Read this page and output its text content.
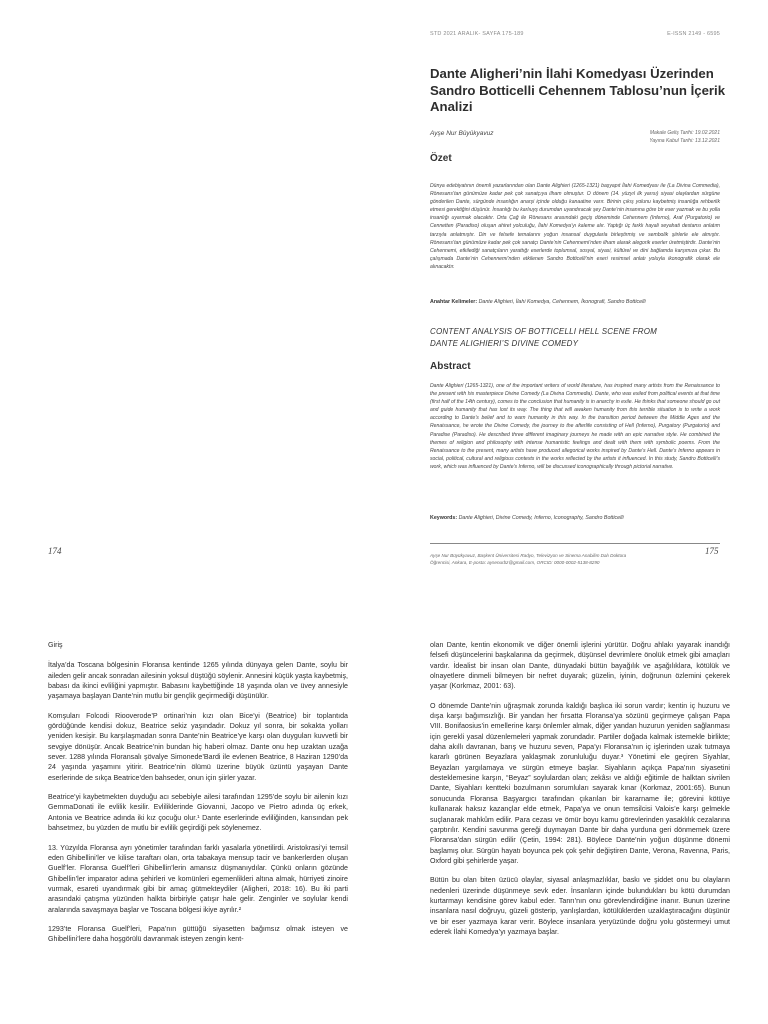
STD 2021 ARALIK- SAYFA 175-189	E-ISSN 2149 - 6595
Dante Aligheri’nin İlahi Komedyası Üzerinden Sandro Botticelli Cehennem Tablosu’nun İçerik Analizi
Ayşe Nur Büyükyavuz	Makale Geliş Tarihi: 19.02.2021
Yayına Kabul Tarihi: 13.12.2021
Özet
Dünya edebiyatının önemli yazarlarından olan Dante Alighieri (1265-1321) başyapıt İlahi Komedyası ile (La Divina Commedia), Rönesans’tan günümüze kadar pek çok sanatçıya ilham olmuştur. O dönem (14. yüzyıl ilk yarısı) siyasi olaylardan sürgüne gönderilen Dante, sürgünde insanlığın anarşi içinde olduğu kanaatine varır. Birinin çıkış yolunu kaybetmiş insanlığa rehberlik etmesi gerektiğini düşünür. İnsanlığı bu karlıuyş durumdan uyandıracak şey Dante’nin insanına göre bir eser yazmak ve bu yolla insanlığı uyarmak olacaktır. Orta Çağ ile Rönesans arasındaki geçiş döneminde Cehennem (Inferno), Araf (Purgatorio) ve Cennetten (Paradiso) oluşan ahiret yolculuğu, İlahi Komedya’yı kaleme alır. Yaptığı üç farklı hayali seyahati destansı anlatım tarzıyla anlatmıştır. Din ve felsefe temalarını yoğun insansal duygularla birleştirmiş ve sembolik şiirlerle ele almıştır. Rönesans’tan günümüze kadar pek çok sanatçı Dante’nin Cehennemi’nden ilham alarak alegorik eserler üretmiştirdir. Dante’nin Cehennemi, etkilediği sanatçıların yarattığı eserlerde toplumsal, sosyal, siyasi, kültürel ve dini bağlamda karşımıza çıkar. Bu çalışmada Dante’nin Cehennemi’nden etkilenen Sandro Botticelli’nin eseri resimsel anlatı yoluyla ikonografik olarak ele alınacaktır.
Anahtar Kelimeler: Dante Alighieri, İlahi Komedya, Cehennem, İkonografi, Sandro Botticelli
CONTENT ANALYSIS OF BOTTICELLI HELL SCENE FROM
DANTE ALIGHIERI’S DIVINE COMEDY
Abstract
Dante Alighieri (1265-1321), one of the important writers of world literature, has inspired many artists from the Renaissance to the present with his masterpiece Divine Comedy (La Divina Commedia). Dante, who was exiled from political events at that time (first half of the 14th century), comes to the conclusion that humanity is in anarchy in exile. He thinks that someone should go out and guide humanity that has lost its way. The thing that will awaken humanity from this terrible situation is to write a work according to Dante’s belief and to warn humanity in this way. In the transition period between the Middle Ages and the Renaissance, he wrote the Divine Comedy, the journey to the afterlife consisting of Hell (Inferno), Purgatory (Purgatorio) and Paradise (Paradiso). He described three different imaginary journeys he made with an epic narrative style. He combined the themes of religion and philosophy with intense humanistic feelings and dealt with them with symbolic poems. From the Renaissance to the present, many artists have produced allegorical works inspired by Dante’s Hell. Dante’s Inferno appears in social, political, cultural and religious contexts in the works reflected by the artists it influenced. In this study, Sandro Botticelli’s work, which was influenced by Dante’s Inferno, will be discussed iconographically through pictorial narrative.
Keywords: Dante Alighieri, Divine Comedy, Inferno, Iconography, Sandro Botticelli
Ayşe Nur Büyükyavuz, Başkent Üniversitesi Radyo, Televizyon ve Sinema Anabilim Dalı Doktora
Öğrencisi, Ankara, E-posta: aysenurbz@gmail.com, ORCID: 0000-0002-5138-8290
174	175
Giriş

İtalya’da Toscana bölgesinin Floransa kentinde 1265 yılında dünyaya gelen Dante, soylu bir aileden gelir ancak sonradan ailesinin yoksul düştüğü söylenir. Annesini küçük yaşta kaybetmiş, babası da ikinci evliliğini yapmıştır. Babasını kaybettiğinde 18 yaşında olan ve üvey annesiyle yaşamaya başlayan Dante’nin mutlu bir gençlik geçirmediği düşünülür.

Komşuları Folcodi Riooverode’P ortinari’nin kızı olan Bice’yi (Beatrice) bir toplantıda gördüğünde kendisi dokuz, Beatrice sekiz yaşındadır. Dokuz yıl sonra, bir sokakta yolları yeniden kesişir. Bu karşılaşmadan sonra Dante’nin Beatrice’ye karşı olan duyguları kuvvetli bir sevgiye dönüşür. Ancak Beatrice’nin bundan hiç haberi olmaz. Dante onu hep uzaktan uzağa sever. 1288 yılında Floransalı şövalye Simonede’Bardi ile evlenen Beatrice, 8 Haziran 1290’da 24 yaşında yaşamını yitirir. Beatrice’nin ölümü üzerine büyük üzüntü yaşayan Dante eserlerinde de sıkça Beatrice’den bahseder, onun için şiirler yazar.

Beatrice’yi kaybetmekten duyduğu acı sebebiyle ailesi tarafından 1295’de soylu bir ailenin kızı GemmaDonati ile evlilik kesilir. Evliliklerinde Giovanni, Jacopo ve Pietro adında üç erkek, Antonia ve Beatrice adında iki kız çocuğu olur.¹ Dante eserlerinde evliliğinden, karısından pek bahsetmez, bu yüzden de mutlu bir evlilik geçirdiği pek söylenemez.

13. Yüzyılda Floransa ayrı yönetimler tarafından farklı yasalarla yönetilirdi. Aristokrasi’yi temsil eden Ghibellini’ler ve kilise taraftarı olan, orta tabakaya mensup tacir ve bankerlerden oluşan Guelf’ler. Floransa Guelf’leri Ghibellin’lerin amansız düşmanıydılar. Çünkü onların gözünde Ghibellin’ler imparator adına şehirleri ve komünleri egemenlikleri altına almak, hürriyeti zinoire vurmak, esareti uyandırmak gibi bir amaç gütmekteydiler (Aligheri, 2018: 16). Bu iki parti arasındaki çatışma yüzünden halkta birbiriyle çatışır hale gelir. Zenginler ve soylular kendi aralarında savaşmaya başlar ve Toscana bölgesi ikiye ayrılır.²

1293’te Floransa Guelf’leri, Papa’nın güttüğü siyasetten bağımsız olmak isteyen ve Ghibellini’lere daha hoşgörülü davranmak isteyen zengin kent-

olan Dante, kentin ekonomik ve diğer önemli işlerini yürütür. Doğru ahlakı yayarak inandığı felsefi düşüncelerini başkalarına da geçirmek, düşünsel devrimlere önolük etmek gibi amaçları vardır. İdealist bir insan olan Dante, dünyadaki bütün bayağılık ve aşağılıklara, kötülük ve olnayetlere dinmeli bilmeyen bir nefret duyarak; güzelin, iyinin, doğrunun özlemini çekerek yaşar (Korkmaz, 2001: 63).

O dönemde Dante’nin uğraşmak zorunda kaldığı başlıca iki sorun vardır; kentin iç huzuru ve dışa karşı bağımsızlığı. Bir yandan her fırsatta Floransa’ya sözünü geçirmeye çalışan Papa VIII. Bonifaosius’in emellerine karşı önlemler almak, diğer yandan huzurun yeniden sağlanması için gerekli yasal düzenlemeleri yapmak zorundadır. Partiler doğada kalmak istemekle birlikte; daha akıllı davranan, barış ve huzuru seven, Papa’yı Floransa’nın iç işlerinden uzak tutmaya kararlı görünen Beyazlara yaklaşmak zorunluluğu duyar.³ Yönetimi ele geçiren Siyahlar, Beyazları yargılamaya ve sürgün etmeye başlar. Siyahların açıkça Papa’nın siyasetini desteklemesine karşın, “Beyaz” soylulardan olan; zekâsı ve aldığı eğitimle de halktan sivrilen Dante, Siyahları kentteki bozulmanın sorumluları sayarak kınar (Korkmaz, 2001:65). Bunun sonucunda Floransa Başyargıcı tarafından çıkarılan bir kararname ile; görevini kötüye kullanarak haksız kazançlar elde etmek, Papa’ya ve onun temsilcisi Valois’e karşı gelmekle suçlanarak mahkûm edilir. Para cezası ve ömür boyu kamu görevlerinden yasaklılık cezalarına çarptırılır. Kendini savunma gereği duymayan Dante bir daha yurduna geri dönmemek üzere Floransa’dan sürgün edilir (Çetin, 1994: 281). Böylece Dante’nin yoğun düşünme dönemi başlamış olur. Sürgün hayatı boyunca pek çok şehir değiştiren Dante, Verona, Ravenna, Paris, Oxford gibi şehirlerde yaşar.

Bütün bu olan biten üzücü olaylar, siyasal anlaşmazlıklar, baskı ve şiddet onu bu olayların nedenleri üzerinde düşünmeye sevk eder. İnsanların içinde bulundukları bu kötü durumdan kurtarmayı kendisine görev kabul eder. Tanrı’nın onu görevlendirdiğine inanır. Bunun üzerine insanlara nasıl doğruyu, güzeli gösterip, yanlışlardan, kötülüklerden uzaklaştıracağını düşünür ve bir eser yazmaya karar verir. Böylece insanlara yeryüzünde doğru yolu göstermeyi umut ederek İlahi Komedya’yı yazmaya başlar.
